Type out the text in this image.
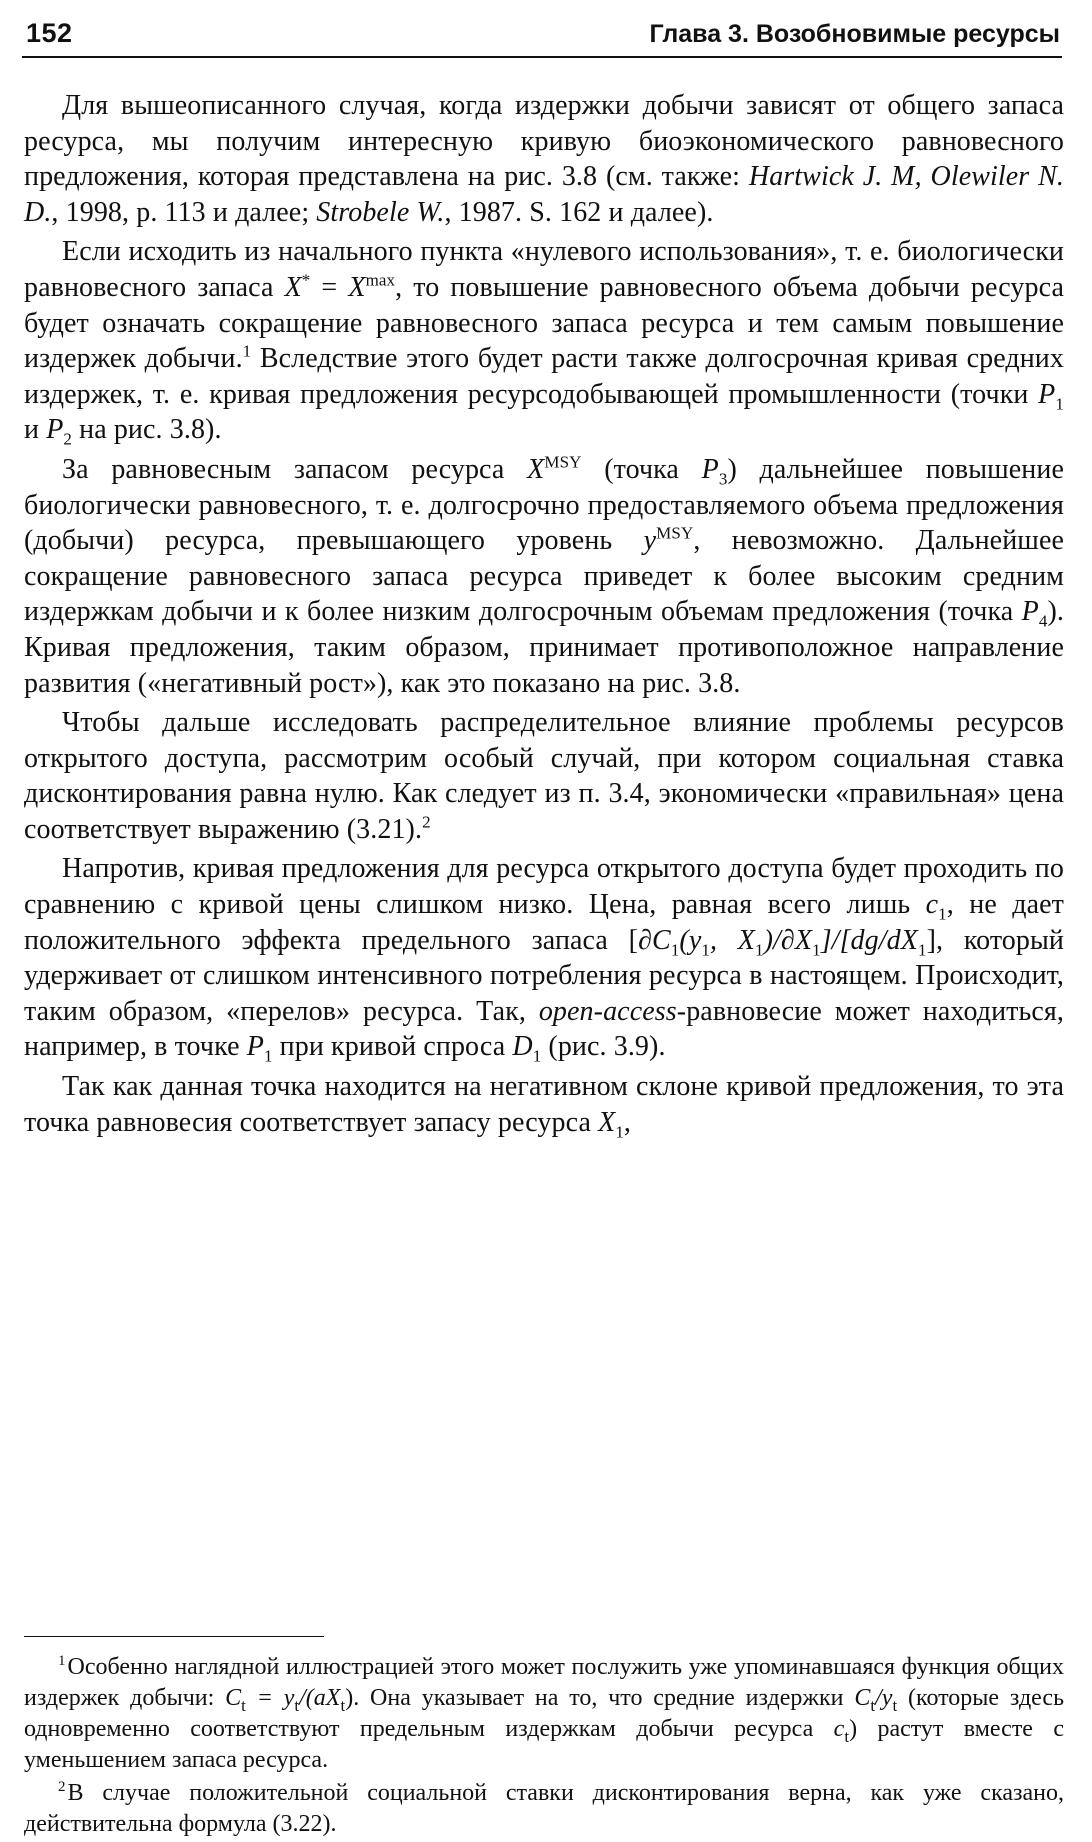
152	Глава 3. Возобновимые ресурсы

Для вышеописанного случая, когда издержки добычи зависят от общего запаса ресурса, мы получим интересную кривую биоэкономического равновесного предложения, которая представлена на рис. 3.8 (см. также: Hartwick J. M, Olewiler N. D., 1998, p. 113 и далее; Strobele W., 1987. S. 162 и далее).

Если исходить из начального пункта «нулевого использования», т. е. биологически равновесного запаса $X^* = X^{max}$, то повышение равновесного объема добычи ресурса будет означать сокращение равновесного запаса ресурса и тем самым повышение издержек добычи.$^1$ Вследствие этого будет расти также долгосрочная кривая средних издержек, т. е. кривая предложения ресурсодобывающей промышленности (точки $P_1$ и $P_2$ на рис. 3.8).

За равновесным запасом ресурса $X^{MSY}$ (точка $P_3$) дальнейшее повышение биологически равновесного, т. е. долгосрочно предоставляемого объема предложения (добычи) ресурса, превышающего уровень $y^{MSY}$, невозможно. Дальнейшее сокращение равновесного запаса ресурса приведет к более высоким средним издержкам добычи и к более низким долгосрочным объемам предложения (точка $P_4$). Кривая предложения, таким образом, принимает противоположное направление развития («негативный рост»), как это показано на рис. 3.8.

Чтобы дальше исследовать распределительное влияние проблемы ресурсов открытого доступа, рассмотрим особый случай, при котором социальная ставка дисконтирования равна нулю. Как следует из п. 3.4, экономически «правильная» цена соответствует выражению (3.21).$^2$

Напротив, кривая предложения для ресурса открытого доступа будет проходить по сравнению с кривой цены слишком низко. Цена, равная всего лишь $c_1$, не дает положительного эффекта предельного запаса [$\partial C_1(y_1$, $X_1)/\partial X_1]/[dg/dX_1]$, который удерживает от слишком интенсивного потребления ресурса в настоящем. Происходит, таким образом, «перелов» ресурса. Так, open-access-равновесие может находиться, например, в точке $P_1$ при кривой спроса $D_1$ (рис. 3.9).

Так как данная точка находится на негативном склоне кривой предложения, то эта точка равновесия соответствует запасу ресурса $X_1$,

$^1$Особенно наглядной иллюстрацией этого может послужить уже упоминавшаяся функция общих издержек добычи: $C_t = y_t/(aX_t)$. Она указывает на то, что средние издержки $C_t/y_t$ (которые здесь одновременно соответствуют предельным издержкам добычи ресурса $c_t$) растут вместе с уменьшением запаса ресурса.

$^2$В случае положительной социальной ставки дисконтирования верна, как уже сказано, действительна формула (3.22).
